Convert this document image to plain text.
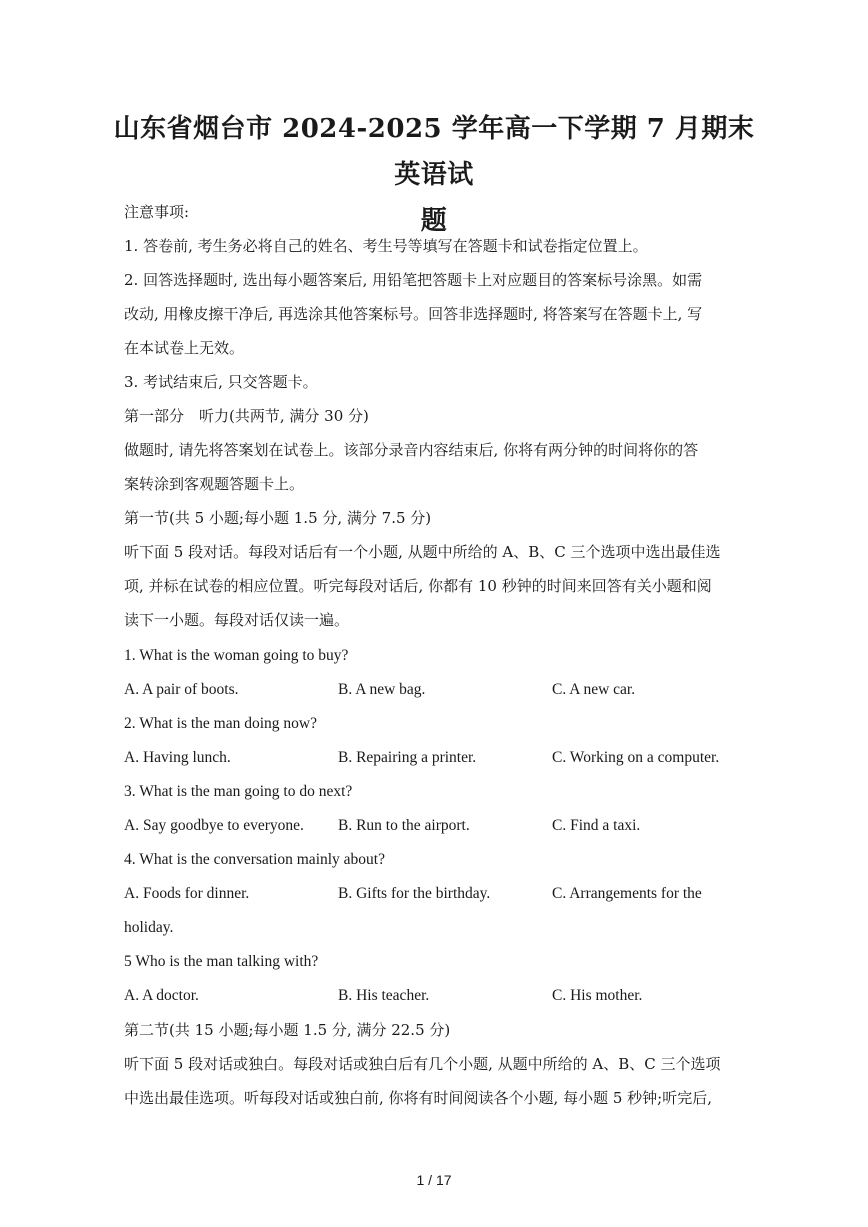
山东省烟台市 2024-2025 学年高一下学期 7 月期末英语试
题
注意事项:
1. 答卷前, 考生务必将自己的姓名、考生号等填写在答题卡和试卷指定位置上。
2. 回答选择题时, 选出每小题答案后, 用铅笔把答题卡上对应题目的答案标号涂黑。如需
改动, 用橡皮擦干净后, 再选涂其他答案标号。回答非选择题时, 将答案写在答题卡上, 写
在本试卷上无效。
3. 考试结束后, 只交答题卡。
第一部分　听力(共两节, 满分 30 分)
做题时, 请先将答案划在试卷上。该部分录音内容结束后, 你将有两分钟的时间将你的答
案转涂到客观题答题卡上。
第一节(共 5 小题;每小题 1.5 分, 满分 7.5 分)
听下面 5 段对话。每段对话后有一个小题, 从题中所给的 A、B、C 三个选项中选出最佳选
项, 并标在试卷的相应位置。听完每段对话后, 你都有 10 秒钟的时间来回答有关小题和阅
读下一小题。每段对话仅读一遍。
1. What is the woman going to buy?
A. A pair of boots.	B. A new bag.	C. A new car.
2. What is the man doing now?
A. Having lunch.	B. Repairing a printer.	C. Working on a computer.
3. What is the man going to do next?
A. Say goodbye to everyone. B. Run to the airport.	C. Find a taxi.
4. What is the conversation mainly about?
A. Foods for dinner.	B. Gifts for the birthday.	C. Arrangements for the
holiday.
5 Who is the man talking with?
A. A doctor.	B. His teacher.	C. His mother.
第二节(共 15 小题;每小题 1.5 分, 满分 22.5 分)
听下面 5 段对话或独白。每段对话或独白后有几个小题, 从题中所给的 A、B、C 三个选项
中选出最佳选项。听每段对话或独白前, 你将有时间阅读各个小题, 每小题 5 秒钟;听完后,
1 / 17
